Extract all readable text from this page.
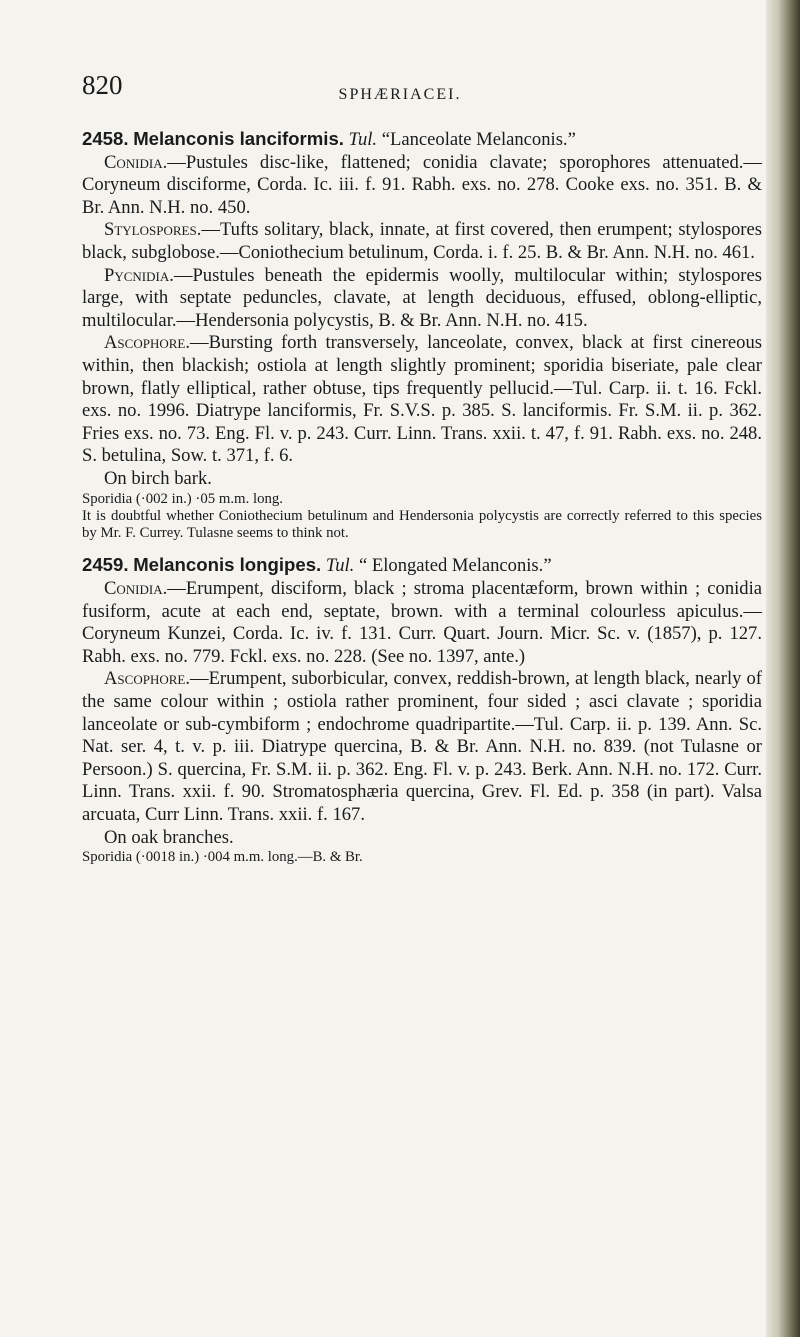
820	SPHÆRIACEI.

2458. Melanconis lanciformis. Tul. “Lanceolate Melanconis.”

Conidia.—Pustules disc-like, flattened; conidia clavate; sporophores attenuated.—Coryneum disciforme, Corda. Ic. iii. f. 91. Rabh. exs. no. 278. Cooke exs. no. 351. B. & Br. Ann. N.H. no. 450.

Stylospores.—Tufts solitary, black, innate, at first covered, then erumpent; stylospores black, subglobose.—Coniothecium betulinum, Corda. i. f. 25. B. & Br. Ann. N.H. no. 461.

Pycnidia.—Pustules beneath the epidermis woolly, multilocular within; stylospores large, with septate peduncles, clavate, at length deciduous, effused, oblong-elliptic, multilocular.—Hendersonia polycystis, B. & Br. Ann. N.H. no. 415.

Ascophore.—Bursting forth transversely, lanceolate, convex, black at first cinereous within, then blackish; ostiola at length slightly prominent; sporidia biseriate, pale clear brown, flatly elliptical, rather obtuse, tips frequently pellucid.—Tul. Carp. ii. t. 16. Fckl. exs. no. 1996. Diatrype lanciformis, Fr. S.V.S. p. 385. S. lanciformis. Fr. S.M. ii. p. 362. Fries exs. no. 73. Eng. Fl. v. p. 243. Curr. Linn. Trans. xxii. t. 47, f. 91. Rabh. exs. no. 248. S. betulina, Sow. t. 371, f. 6.

On birch bark.

Sporidia (·002 in.) ·05 m.m. long.

It is doubtful whether Coniothecium betulinum and Hendersonia polycystis are correctly referred to this species by Mr. F. Currey. Tulasne seems to think not.

2459. Melanconis longipes. Tul. “ Elongated Melanconis.”

Conidia.—Erumpent, disciform, black ; stroma placentæform, brown within ; conidia fusiform, acute at each end, septate, brown. with a terminal colourless apiculus.—Coryneum Kunzei, Corda. Ic. iv. f. 131. Curr. Quart. Journ. Micr. Sc. v. (1857), p. 127. Rabh. exs. no. 779. Fckl. exs. no. 228. (See no. 1397, ante.)

Ascophore.—Erumpent, suborbicular, convex, reddish-brown, at length black, nearly of the same colour within ; ostiola rather prominent, four sided ; asci clavate ; sporidia lanceolate or sub-cymbiform ; endochrome quadripartite.—Tul. Carp. ii. p. 139. Ann. Sc. Nat. ser. 4, t. v. p. iii. Diatrype quercina, B. & Br. Ann. N.H. no. 839. (not Tulasne or Persoon.) S. quercina, Fr. S.M. ii. p. 362. Eng. Fl. v. p. 243. Berk. Ann. N.H. no. 172. Curr. Linn. Trans. xxii. f. 90. Stromatosphæria quercina, Grev. Fl. Ed. p. 358 (in part). Valsa arcuata, Curr Linn. Trans. xxii. f. 167.

On oak branches.

Sporidia (·0018 in.) ·004 m.m. long.—B. & Br.
